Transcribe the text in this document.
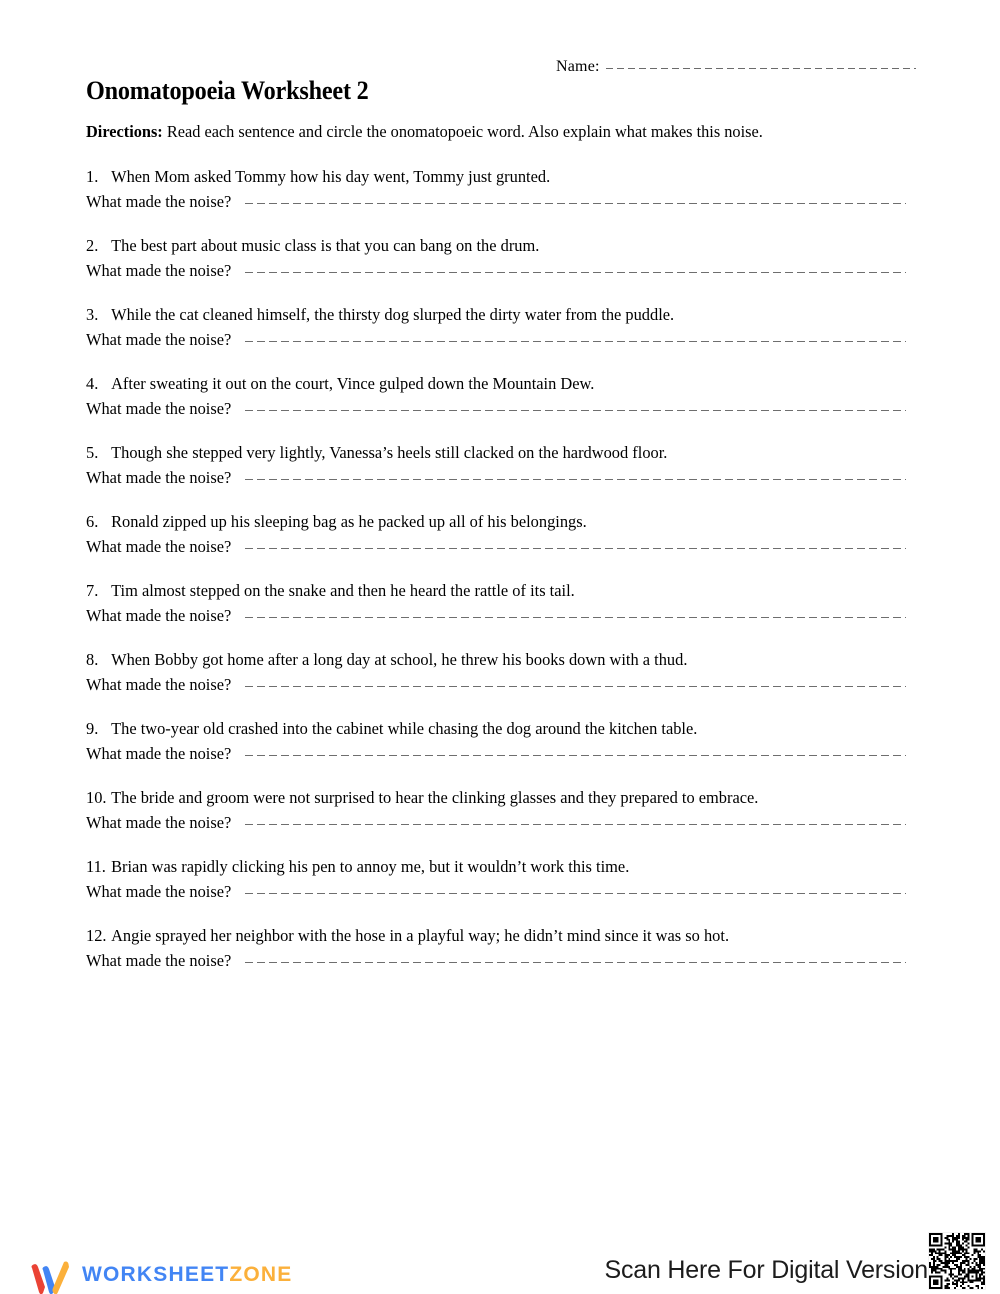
Name:
Onomatopoeia Worksheet 2
Directions: Read each sentence and circle the onomatopoeic word. Also explain what makes this noise.
1. When Mom asked Tommy how his day went, Tommy just grunted.
What made the noise?
2. The best part about music class is that you can bang on the drum.
What made the noise?
3. While the cat cleaned himself, the thirsty dog slurped the dirty water from the puddle.
What made the noise?
4. After sweating it out on the court, Vince gulped down the Mountain Dew.
What made the noise?
5. Though she stepped very lightly, Vanessa’s heels still clacked on the hardwood floor.
What made the noise?
6. Ronald zipped up his sleeping bag as he packed up all of his belongings.
What made the noise?
7. Tim almost stepped on the snake and then he heard the rattle of its tail.
What made the noise?
8. When Bobby got home after a long day at school, he threw his books down with a thud.
What made the noise?
9. The two-year old crashed into the cabinet while chasing the dog around the kitchen table.
What made the noise?
10. The bride and groom were not surprised to hear the clinking glasses and they prepared to embrace.
What made the noise?
11. Brian was rapidly clicking his pen to annoy me, but it wouldn’t work this time.
What made the noise?
12. Angie sprayed her neighbor with the hose in a playful way; he didn’t mind since it was so hot.
What made the noise?
WORKSHEETZONE	Scan Here For Digital Version
